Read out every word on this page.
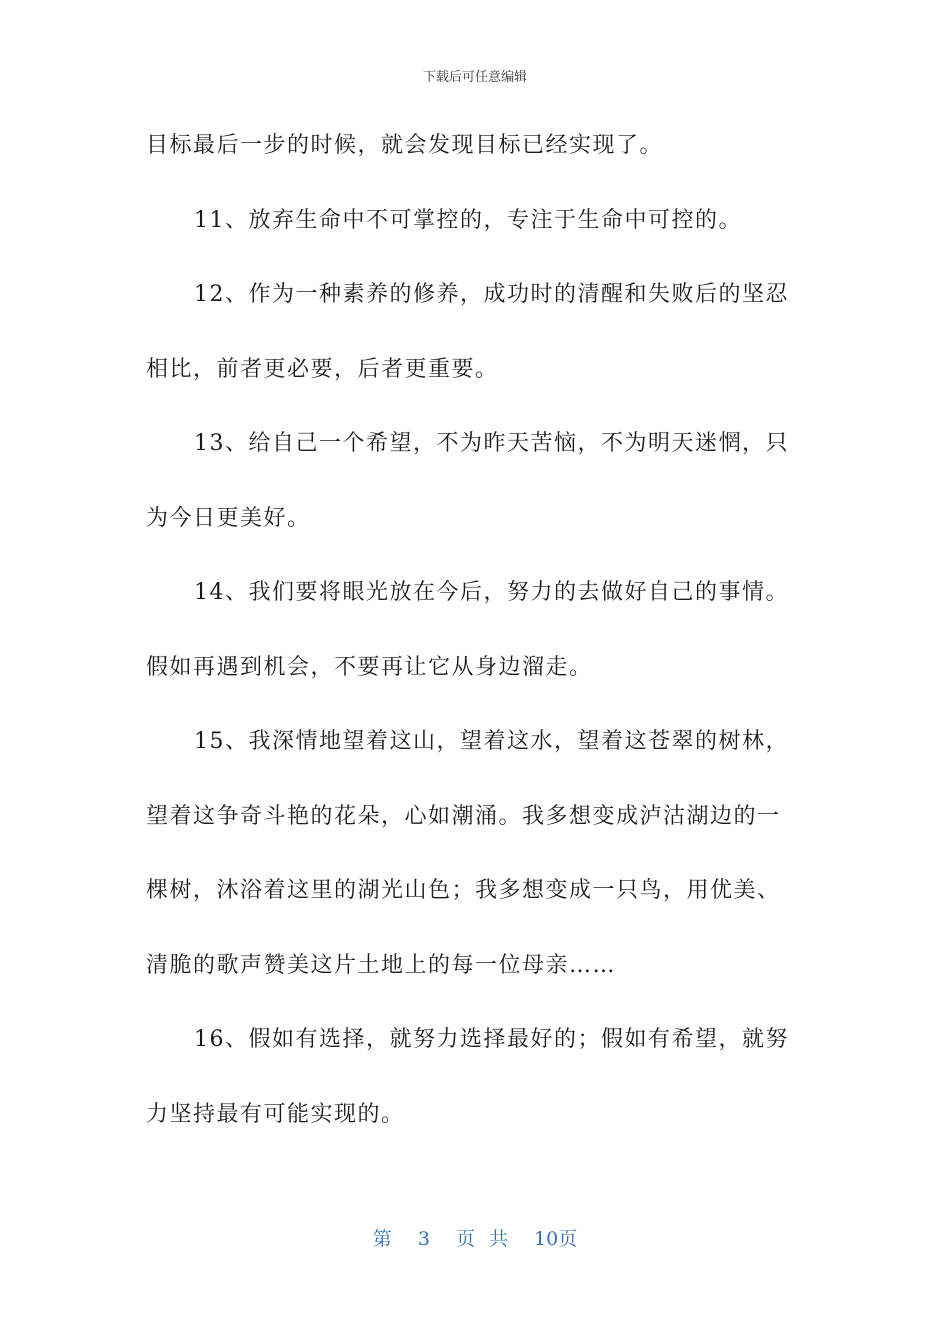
下载后可任意编辑
目标最后一步的时候，就会发现目标已经实现了。
11、放弃生命中不可掌控的，专注于生命中可控的。
12、作为一种素养的修养，成功时的清醒和失败后的坚忍
相比，前者更必要，后者更重要。
13、给自己一个希望，不为昨天苦恼，不为明天迷惘，只
为今日更美好。
14、我们要将眼光放在今后，努力的去做好自己的事情。
假如再遇到机会，不要再让它从身边溜走。
15、我深情地望着这山，望着这水，望着这苍翠的树林，
望着这争奇斗艳的花朵，心如潮涌。我多想变成泸沽湖边的一
棵树，沐浴着这里的湖光山色；我多想变成一只鸟，用优美、
清脆的歌声赞美这片土地上的每一位母亲……
16、假如有选择，就努力选择最好的；假如有希望，就努
力坚持最有可能实现的。
第 3 页 共 10页
